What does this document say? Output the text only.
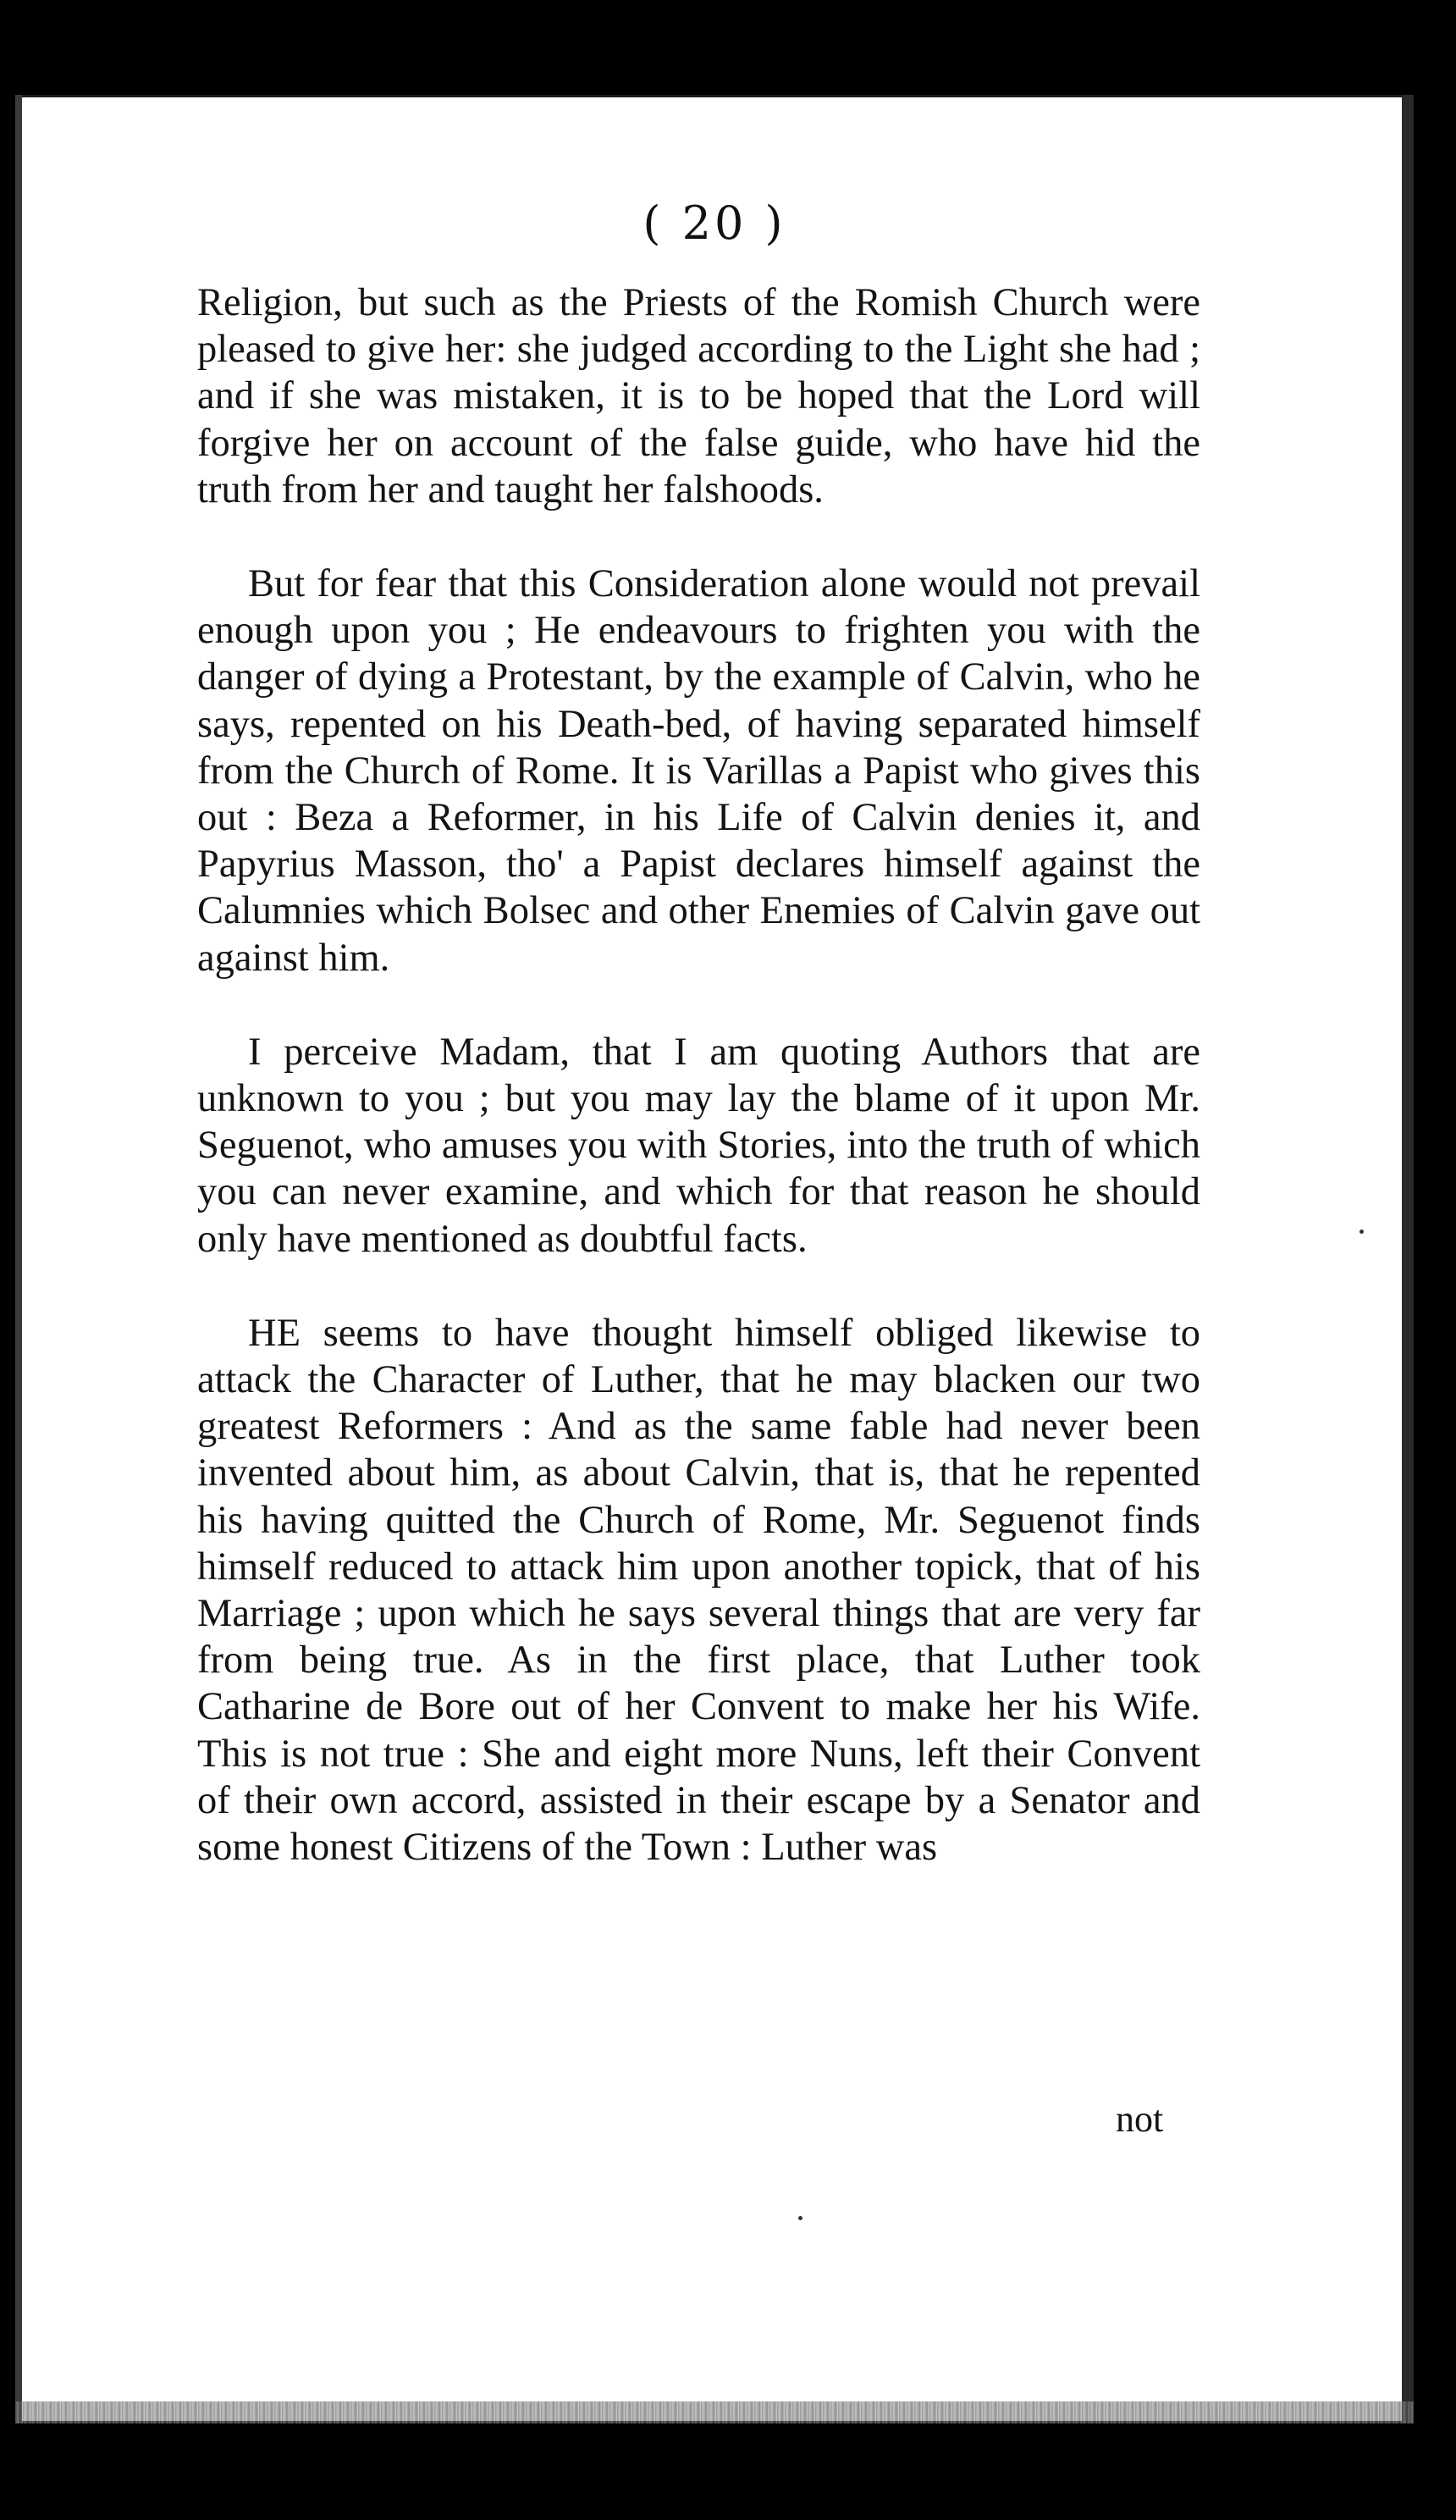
( 20 )

Religion, but such as the Priests of the Romish Church were pleased to give her: she judged according to the Light she had ; and if she was mistaken, it is to be hoped that the Lord will forgive her on account of the false guide, who have hid the truth from her and taught her falshoods.

But for fear that this Consideration alone would not prevail enough upon you ; He endeavours to frighten you with the danger of dying a Protestant, by the example of Calvin, who he says, repented on his Death-bed, of having separated himself from the Church of Rome. It is Varillas a Papist who gives this out : Beza a Reformer, in his Life of Calvin denies it, and Papyrius Masson, tho' a Papist declares himself against the Calumnies which Bolsec and other Enemies of Calvin gave out against him.

I perceive Madam, that I am quoting Authors that are unknown to you ; but you may lay the blame of it upon Mr. Seguenot, who amuses you with Stories, into the truth of which you can never examine, and which for that reason he should only have mentioned as doubtful facts.

HE seems to have thought himself obliged likewise to attack the Character of Luther, that he may blacken our two greatest Reformers : And as the same fable had never been invented about him, as about Calvin, that is, that he repented his having quitted the Church of Rome, Mr. Seguenot finds himself reduced to attack him upon another topick, that of his Marriage ; upon which he says several things that are very far from being true. As in the first place, that Luther took Catharine de Bore out of her Convent to make her his Wife. This is not true : She and eight more Nuns, left their Convent of their own accord, assisted in their escape by a Senator and some honest Citizens of the Town : Luther was

not
